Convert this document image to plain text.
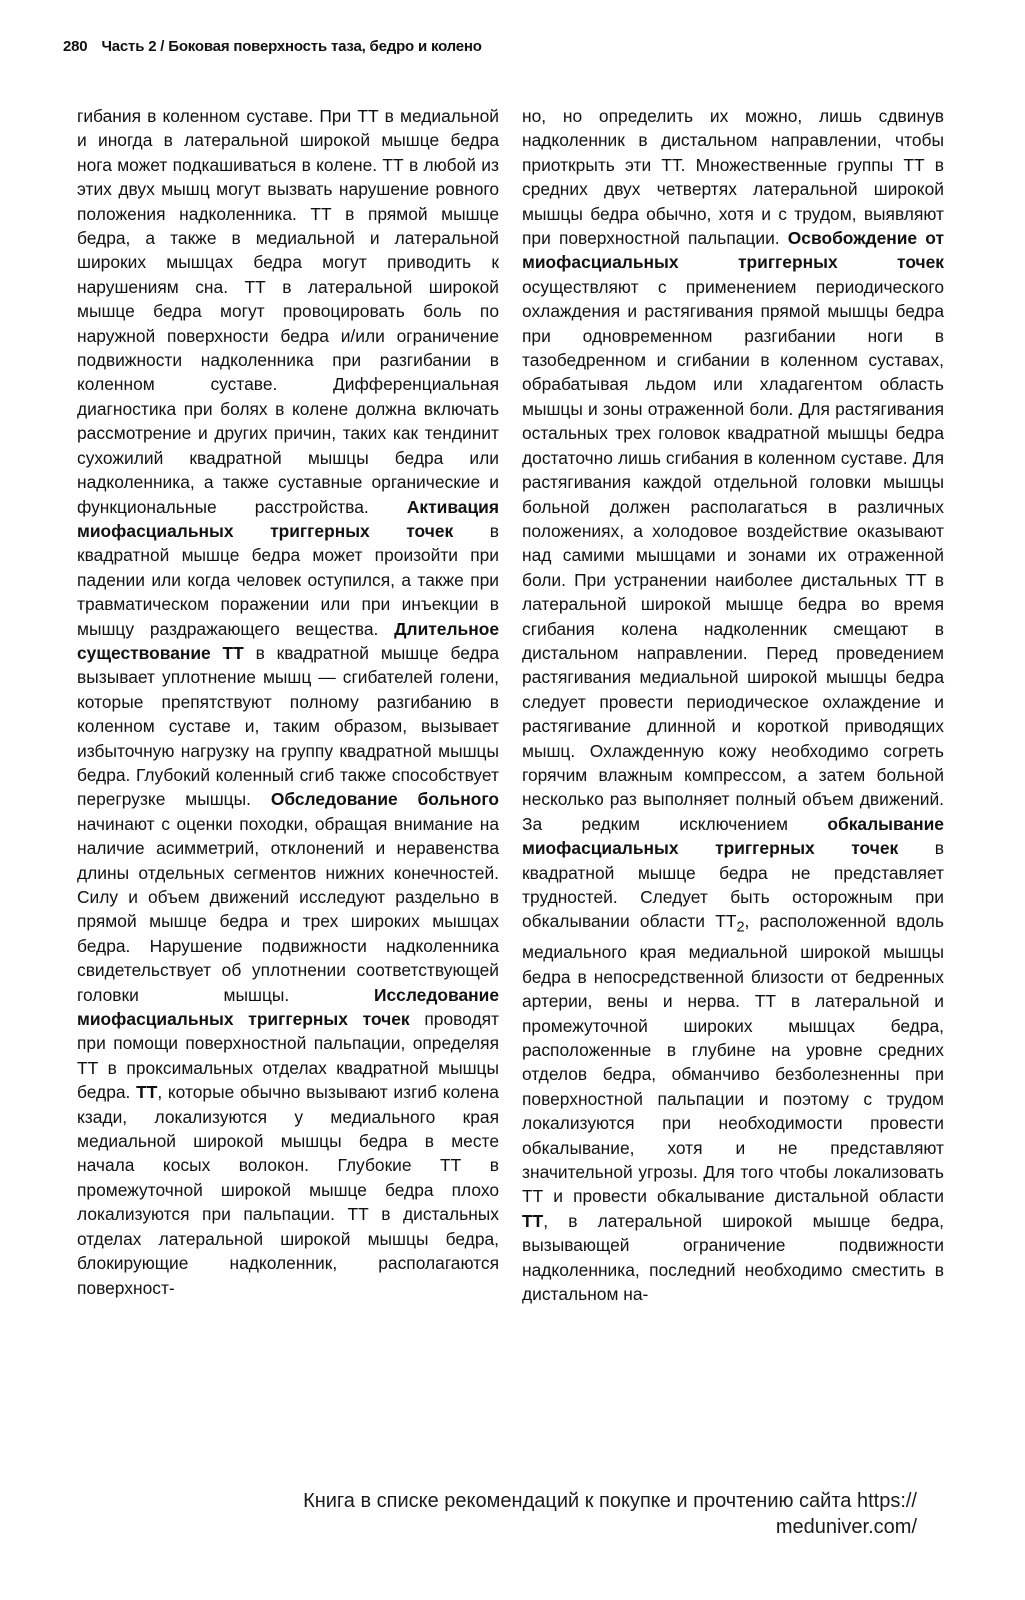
280 Часть 2 / Боковая поверхность таза, бедро и колено

гибания в коленном суставе. При ТТ в медиальной и иногда в латеральной широкой мышце бедра нога может подкашиваться в колене. ТТ в любой из этих двух мышц могут вызвать нарушение ровного положения надколенника. ТТ в прямой мышце бедра, а также в медиальной и латеральной широких мышцах бедра могут приводить к нарушениям сна. ТТ в латеральной широкой мышце бедра могут провоцировать боль по наружной поверхности бедра и/или ограничение подвижности надколенника при разгибании в коленном суставе. Дифференциальная диагностика при болях в колене должна включать рассмотрение и других причин, таких как тендинит сухожилий квадратной мышцы бедра или надколенника, а также суставные органические и функциональные расстройства. Активация миофасциальных триггерных точек в квадратной мышце бедра может произойти при падении или когда человек оступился, а также при травматическом поражении или при инъекции в мышцу раздражающего вещества. Длительное существование ТТ в квадратной мышце бедра вызывает уплотнение мышц — сгибателей голени, которые препятствуют полному разгибанию в коленном суставе и, таким образом, вызывает избыточную нагрузку на группу квадратной мышцы бедра. Глубокий коленный сгиб также способствует перегрузке мышцы. Обследование больного начинают с оценки походки, обращая внимание на наличие асимметрий, отклонений и неравенства длины отдельных сегментов нижних конечностей. Силу и объем движений исследуют раздельно в прямой мышце бедра и трех широких мышцах бедра. Нарушение подвижности надколенника свидетельствует об уплотнении соответствующей головки мышцы.	Исследование миофасциальных триггерных точек проводят при помощи поверхностной пальпации, определяя ТТ в проксимальных отделах квадратной мышцы бедра. ТТ, которые обычно вызывают изгиб колена кзади, локализуются у медиального края медиальной широкой мышцы бедра в месте начала косых волокон. Глубокие ТТ в промежуточной широкой мышце бедра плохо локализуются при пальпации. ТТ в дистальных отделах латеральной широкой мышцы бедра, блокирующие надколенник, располагаются поверхност-

но, но определить их можно, лишь сдвинув надколенник в дистальном направлении, чтобы приоткрыть эти ТТ. Множественные группы ТТ в средних двух четвертях латеральной широкой мышцы бедра обычно, хотя и с трудом, выявляют при поверхностной пальпации. Освобождение от миофасциальных триггерных точек осуществляют с применением периодического охлаждения и растягивания прямой мышцы бедра при одновременном разгибании ноги в тазобедренном и сгибании в коленном суставах, обрабатывая льдом или хладагентом область мышцы и зоны отраженной боли. Для растягивания остальных трех головок квадратной мышцы бедра достаточно лишь сгибания в коленном суставе. Для растягивания каждой отдельной головки мышцы больной должен располагаться в различных положениях, а холодовое воздействие оказывают над самими мышцами и зонами их отраженной боли. При устранении наиболее дистальных ТТ в латеральной широкой мышце бедра во время сгибания колена надколенник смещают в дистальном направлении. Перед проведением растягивания медиальной широкой мышцы бедра следует провести периодическое охлаждение и растягивание длинной и короткой приводящих мышц. Охлажденную кожу необходимо согреть горячим влажным компрессом, а затем больной несколько раз выполняет полный объем движений. За редким исключением обкалывание миофасциальных триггерных точек в квадратной мышце бедра не представляет трудностей. Следует быть осторожным при обкалывании области $ТТ_2$, расположенной вдоль медиального края медиальной широкой мышцы бедра в непосредственной близости от бедренных артерии, вены и нерва. ТТ в латеральной и промежуточной широких мышцах бедра, расположенные в глубине на уровне средних отделов бедра, обманчиво безболезненны при поверхностной пальпации и поэтому с трудом локализуются при необходимости провести обкалывание, хотя и не представляют значительной угрозы. Для того чтобы локализовать ТТ и провести обкалывание дистальной области ТТ, в латеральной широкой мышце бедра, вызывающей ограничение подвижности надколенника, последний необходимо сместить в дистальном на-

Книга в списке рекомендаций к покупке и прочтению сайта https://
meduniver.com/
